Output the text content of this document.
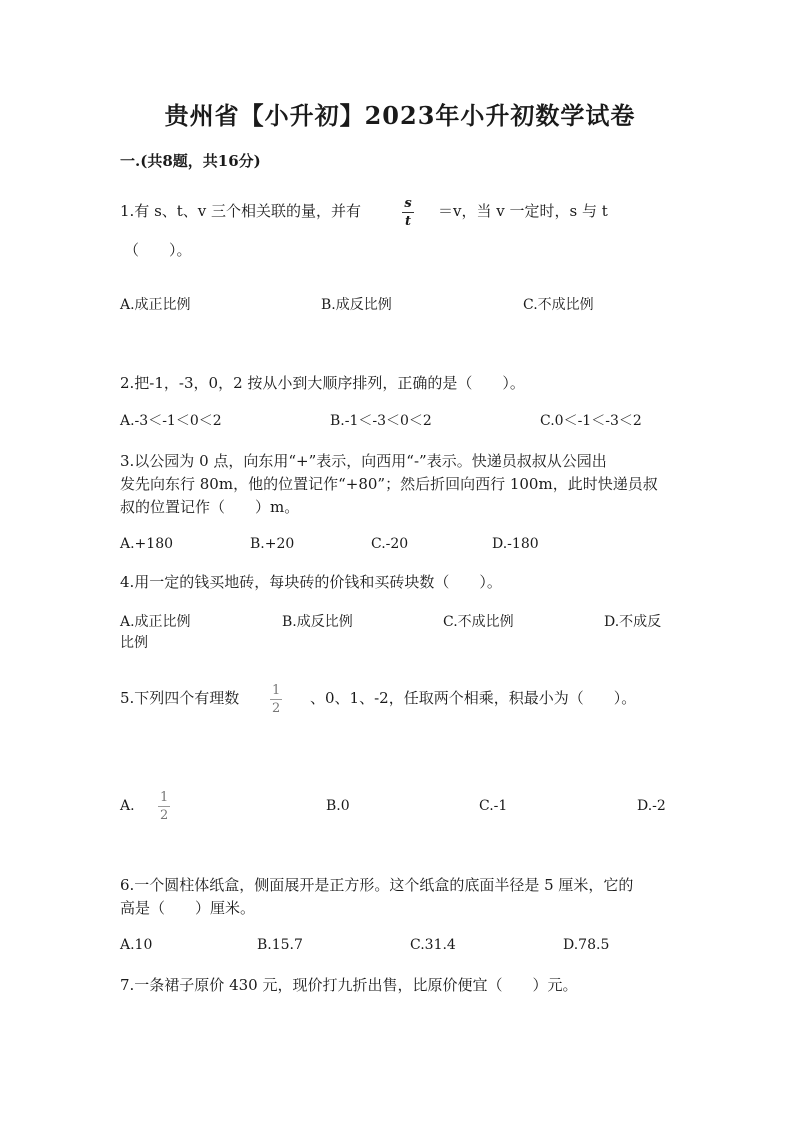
贵州省【小升初】2023年小升初数学试卷
一.(共8题，共16分)
1.有 s、t、v 三个相关联的量，并有	s
t
＝v，当 v 一定时，s 与 t
（　　）。
A.成正比例	B.成反比例	C.不成比例
2.把-1，-3，0，2 按从小到大顺序排列，正确的是（　　）。
A.-3＜-1＜0＜2	B.-1＜-3＜0＜2	C.0＜-1＜-3＜2
3.以公园为 0 点，向东用“+”表示，向西用“-”表示。快递员叔叔从公园出
发先向东行 80m，他的位置记作“+80”；然后折回向西行 100m，此时快递员叔
叔的位置记作（　　）m。
A.+180	B.+20	C.-20	D.-180
4.用一定的钱买地砖，每块砖的价钱和买砖块数（　　）。
A.成正比例	B.成反比例	C.不成比例	D.不成反
比例
5.下列四个有理数	1
2
、0、1、-2，任取两个相乘，积最小为（　　）。
A.
1
2
B.0	C.-1	D.-2
6.一个圆柱体纸盒，侧面展开是正方形。这个纸盒的底面半径是 5 厘米，它的
高是（　　）厘米。
A.10	B.15.7	C.31.4	D.78.5
7.一条裙子原价 430 元，现价打九折出售，比原价便宜（　　）元。
